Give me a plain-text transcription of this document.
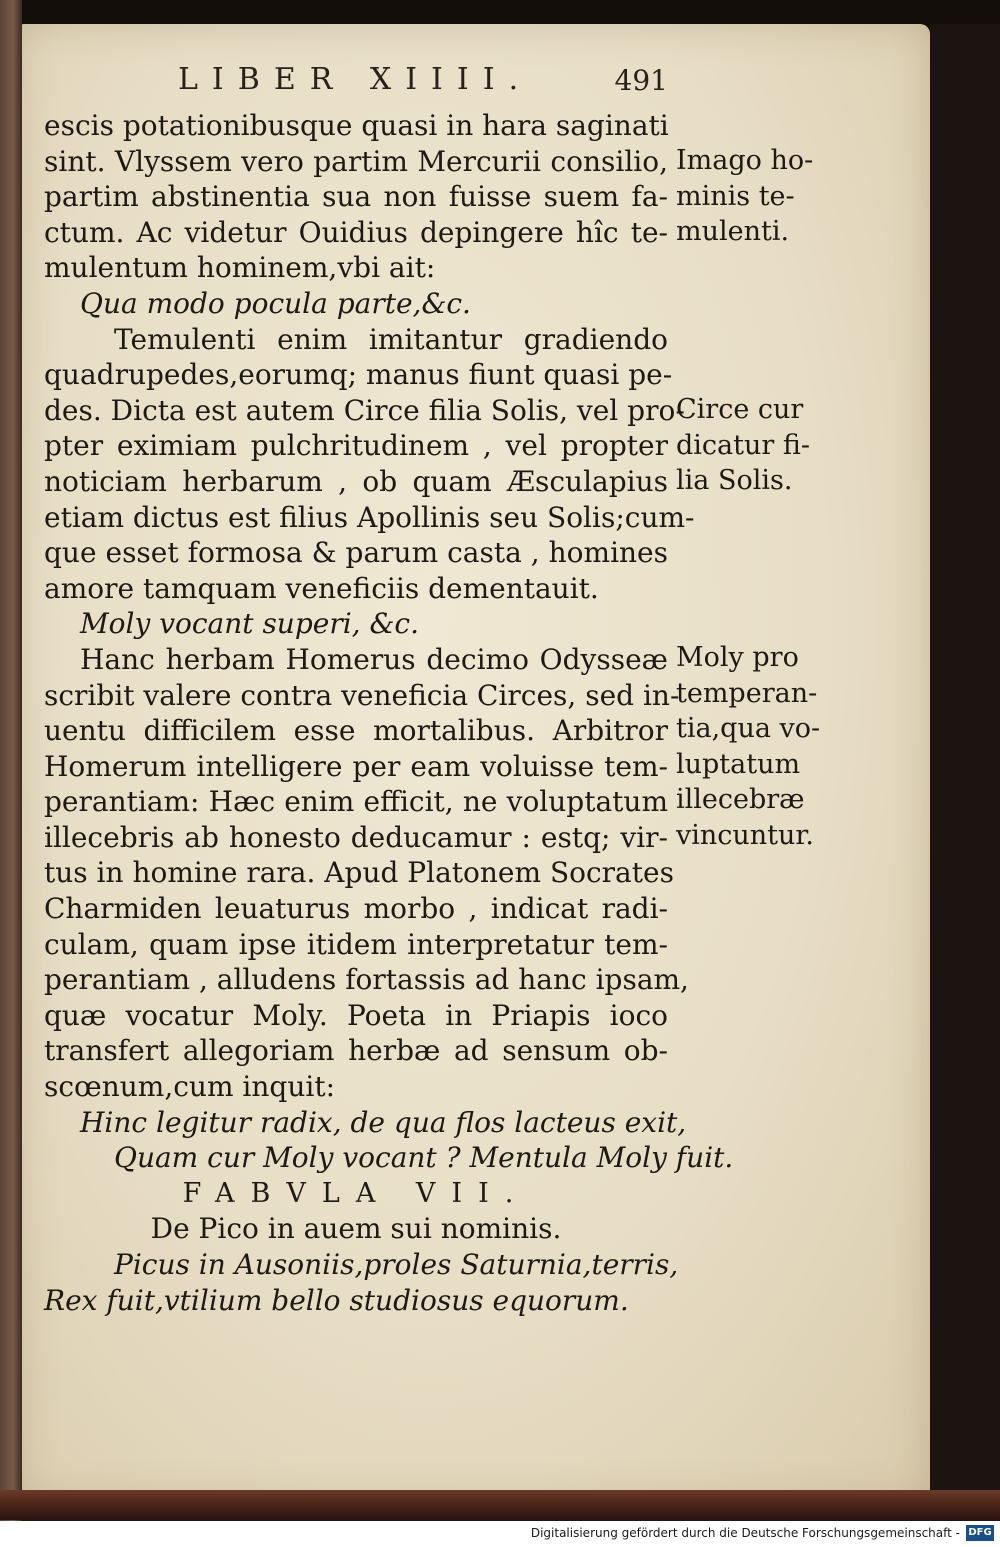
LIBER XIIII.	491
escis potationibusque quasi in hara saginati
sint. Vlyssem vero partim Mercurii consilio,
partim abstinentia sua non fuisse suem fa-
ctum. Ac videtur Ouidius depingere hîc te-
mulentum hominem,vbi ait:
Qua modo pocula parte,&c.
Temulenti enim imitantur gradiendo
quadrupedes,eorumq; manus fiunt quasi pe-
des. Dicta est autem Circe filia Solis, vel pro-
pter eximiam pulchritudinem , vel propter
noticiam herbarum , ob quam Æsculapius
etiam dictus est filius Apollinis seu Solis;cum-
que esset formosa & parum casta , homines
amore tamquam veneficiis dementauit.
Moly vocant superi, &c.
Hanc herbam Homerus decimo Odysseæ
scribit valere contra veneficia Circes, sed in-
uentu difficilem esse mortalibus. Arbitror
Homerum intelligere per eam voluisse tem-
perantiam: Hæc enim efficit, ne voluptatum
illecebris ab honesto deducamur : estq; vir-
tus in homine rara. Apud Platonem Socrates
Charmiden leuaturus morbo , indicat radi-
culam, quam ipse itidem interpretatur tem-
perantiam , alludens fortassis ad hanc ipsam,
quæ vocatur Moly. Poeta in Priapis ioco
transfert allegoriam herbæ ad sensum ob-
scœnum,cum inquit:
Hinc legitur radix, de qua flos lacteus exit,
Quam cur Moly vocant ? Mentula Moly fuit.
FABVLA VII.
De Pico in auem sui nominis.
Picus in Ausoniis,proles Saturnia,terris,
Rex fuit,vtilium bello studiosus equorum.
Imago ho-
minis te-
mulenti.
Circe cur
dicatur fi-
lia Solis.
Moly pro
temperan-
tia,qua vo-
luptatum
illecebræ
vincuntur.
Digitalisierung gefördert durch die Deutsche Forschungsgemeinschaft - DFG
